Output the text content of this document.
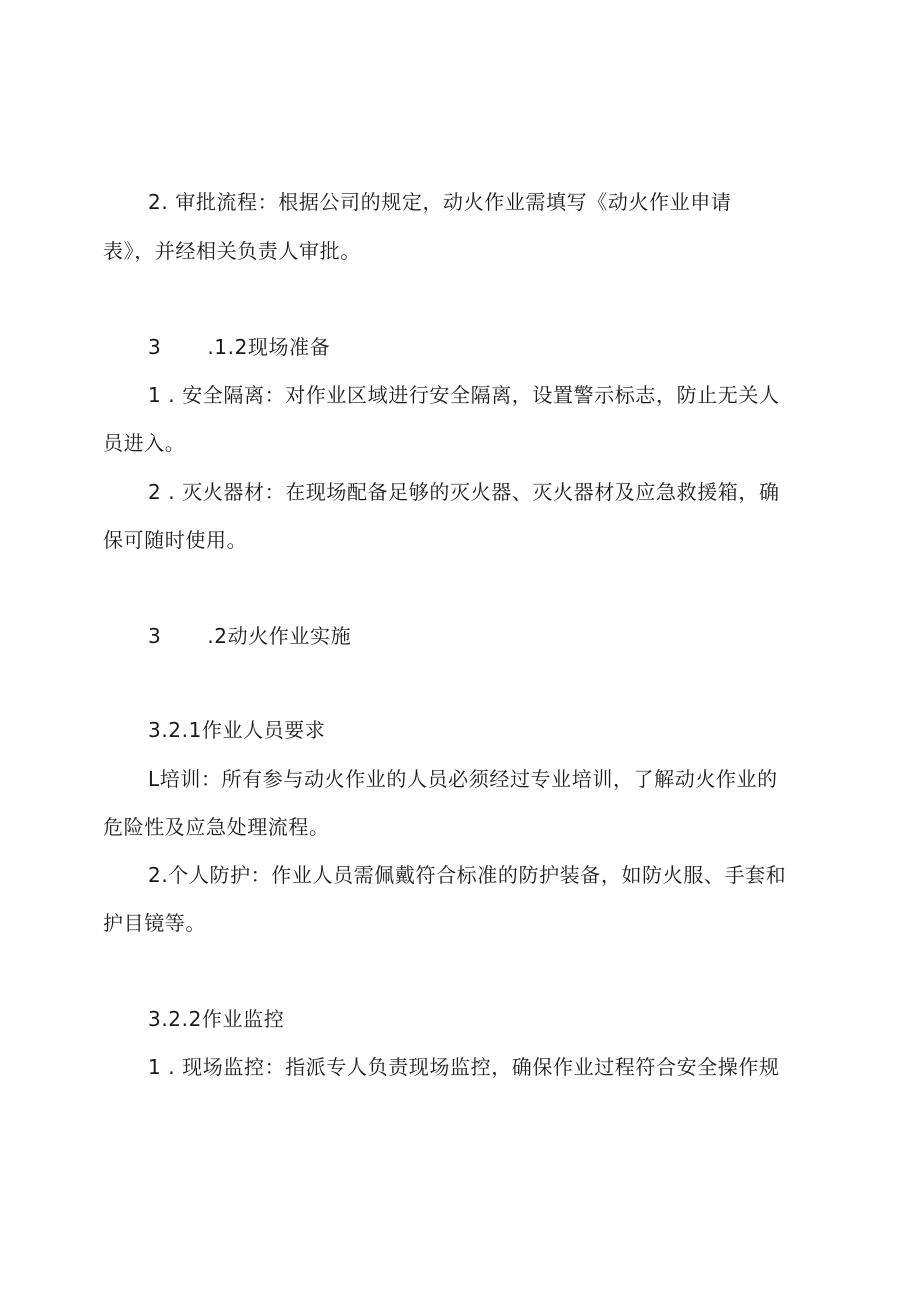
2. 审批流程：根据公司的规定，动火作业需填写《动火作业申请
表》，并经相关负责人审批。
3 .1.2现场准备
1 . 安全隔离：对作业区域进行安全隔离，设置警示标志，防止无关人
员进入。
2 . 灭火器材：在现场配备足够的灭火器、灭火器材及应急救援箱，确
保可随时使用。
3 .2动火作业实施
3.2.1作业人员要求
L培训：所有参与动火作业的人员必须经过专业培训，了解动火作业的
危险性及应急处理流程。
2.个人防护：作业人员需佩戴符合标准的防护装备，如防火服、手套和
护目镜等。
3.2.2作业监控
1 . 现场监控：指派专人负责现场监控，确保作业过程符合安全操作规
